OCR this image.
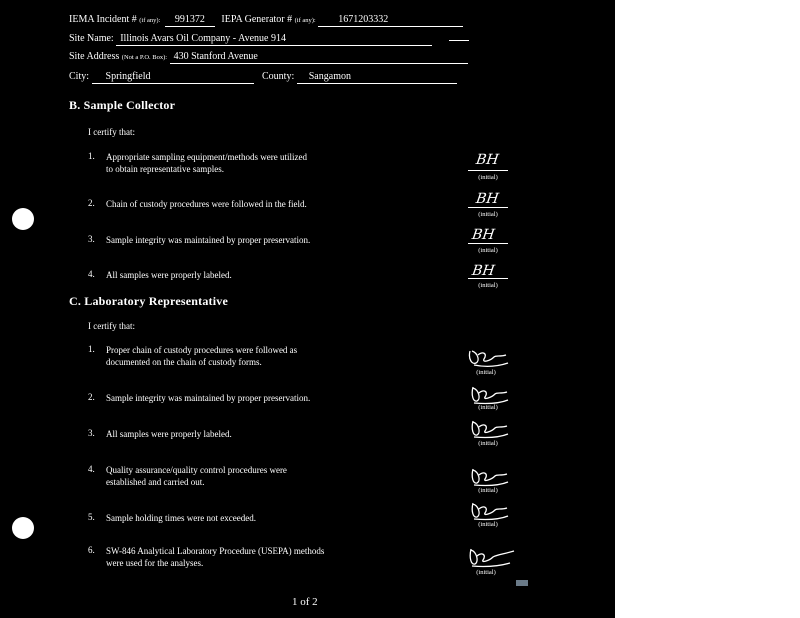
IEMA Incident # (if any): 991372 IEPA Generator # (if any): 1671203332
Site Name: Illinois Avars Oil Company - Avenue 914
Site Address (Not a P.O. Box): 430 Stanford Avenue
City: Springfield	County: Sangamon
B. Sample Collector
I certify that:
1. Appropriate sampling equipment/methods were utilized
to obtain representative samples.
2. Chain of custody procedures were followed in the field.
3. Sample integrity was maintained by proper preservation.
4. All samples were properly labeled.
BH
(initial)
BH
(initial)
BH
(initial)
BH
(initial)
C. Laboratory Representative
I certify that:
1. Proper chain of custody procedures were followed as
documented on the chain of custody forms.
2. Sample integrity was maintained by proper preservation.
3. All samples were properly labeled.
4. Quality assurance/quality control procedures were
established and carried out.
5. Sample holding times were not exceeded.
6. SW-846 Analytical Laboratory Procedure (USEPA) methods
were used for the analyses.
(initial)
(initial)
(initial)
(initial)
(initial)
(initial)
1 of 2
